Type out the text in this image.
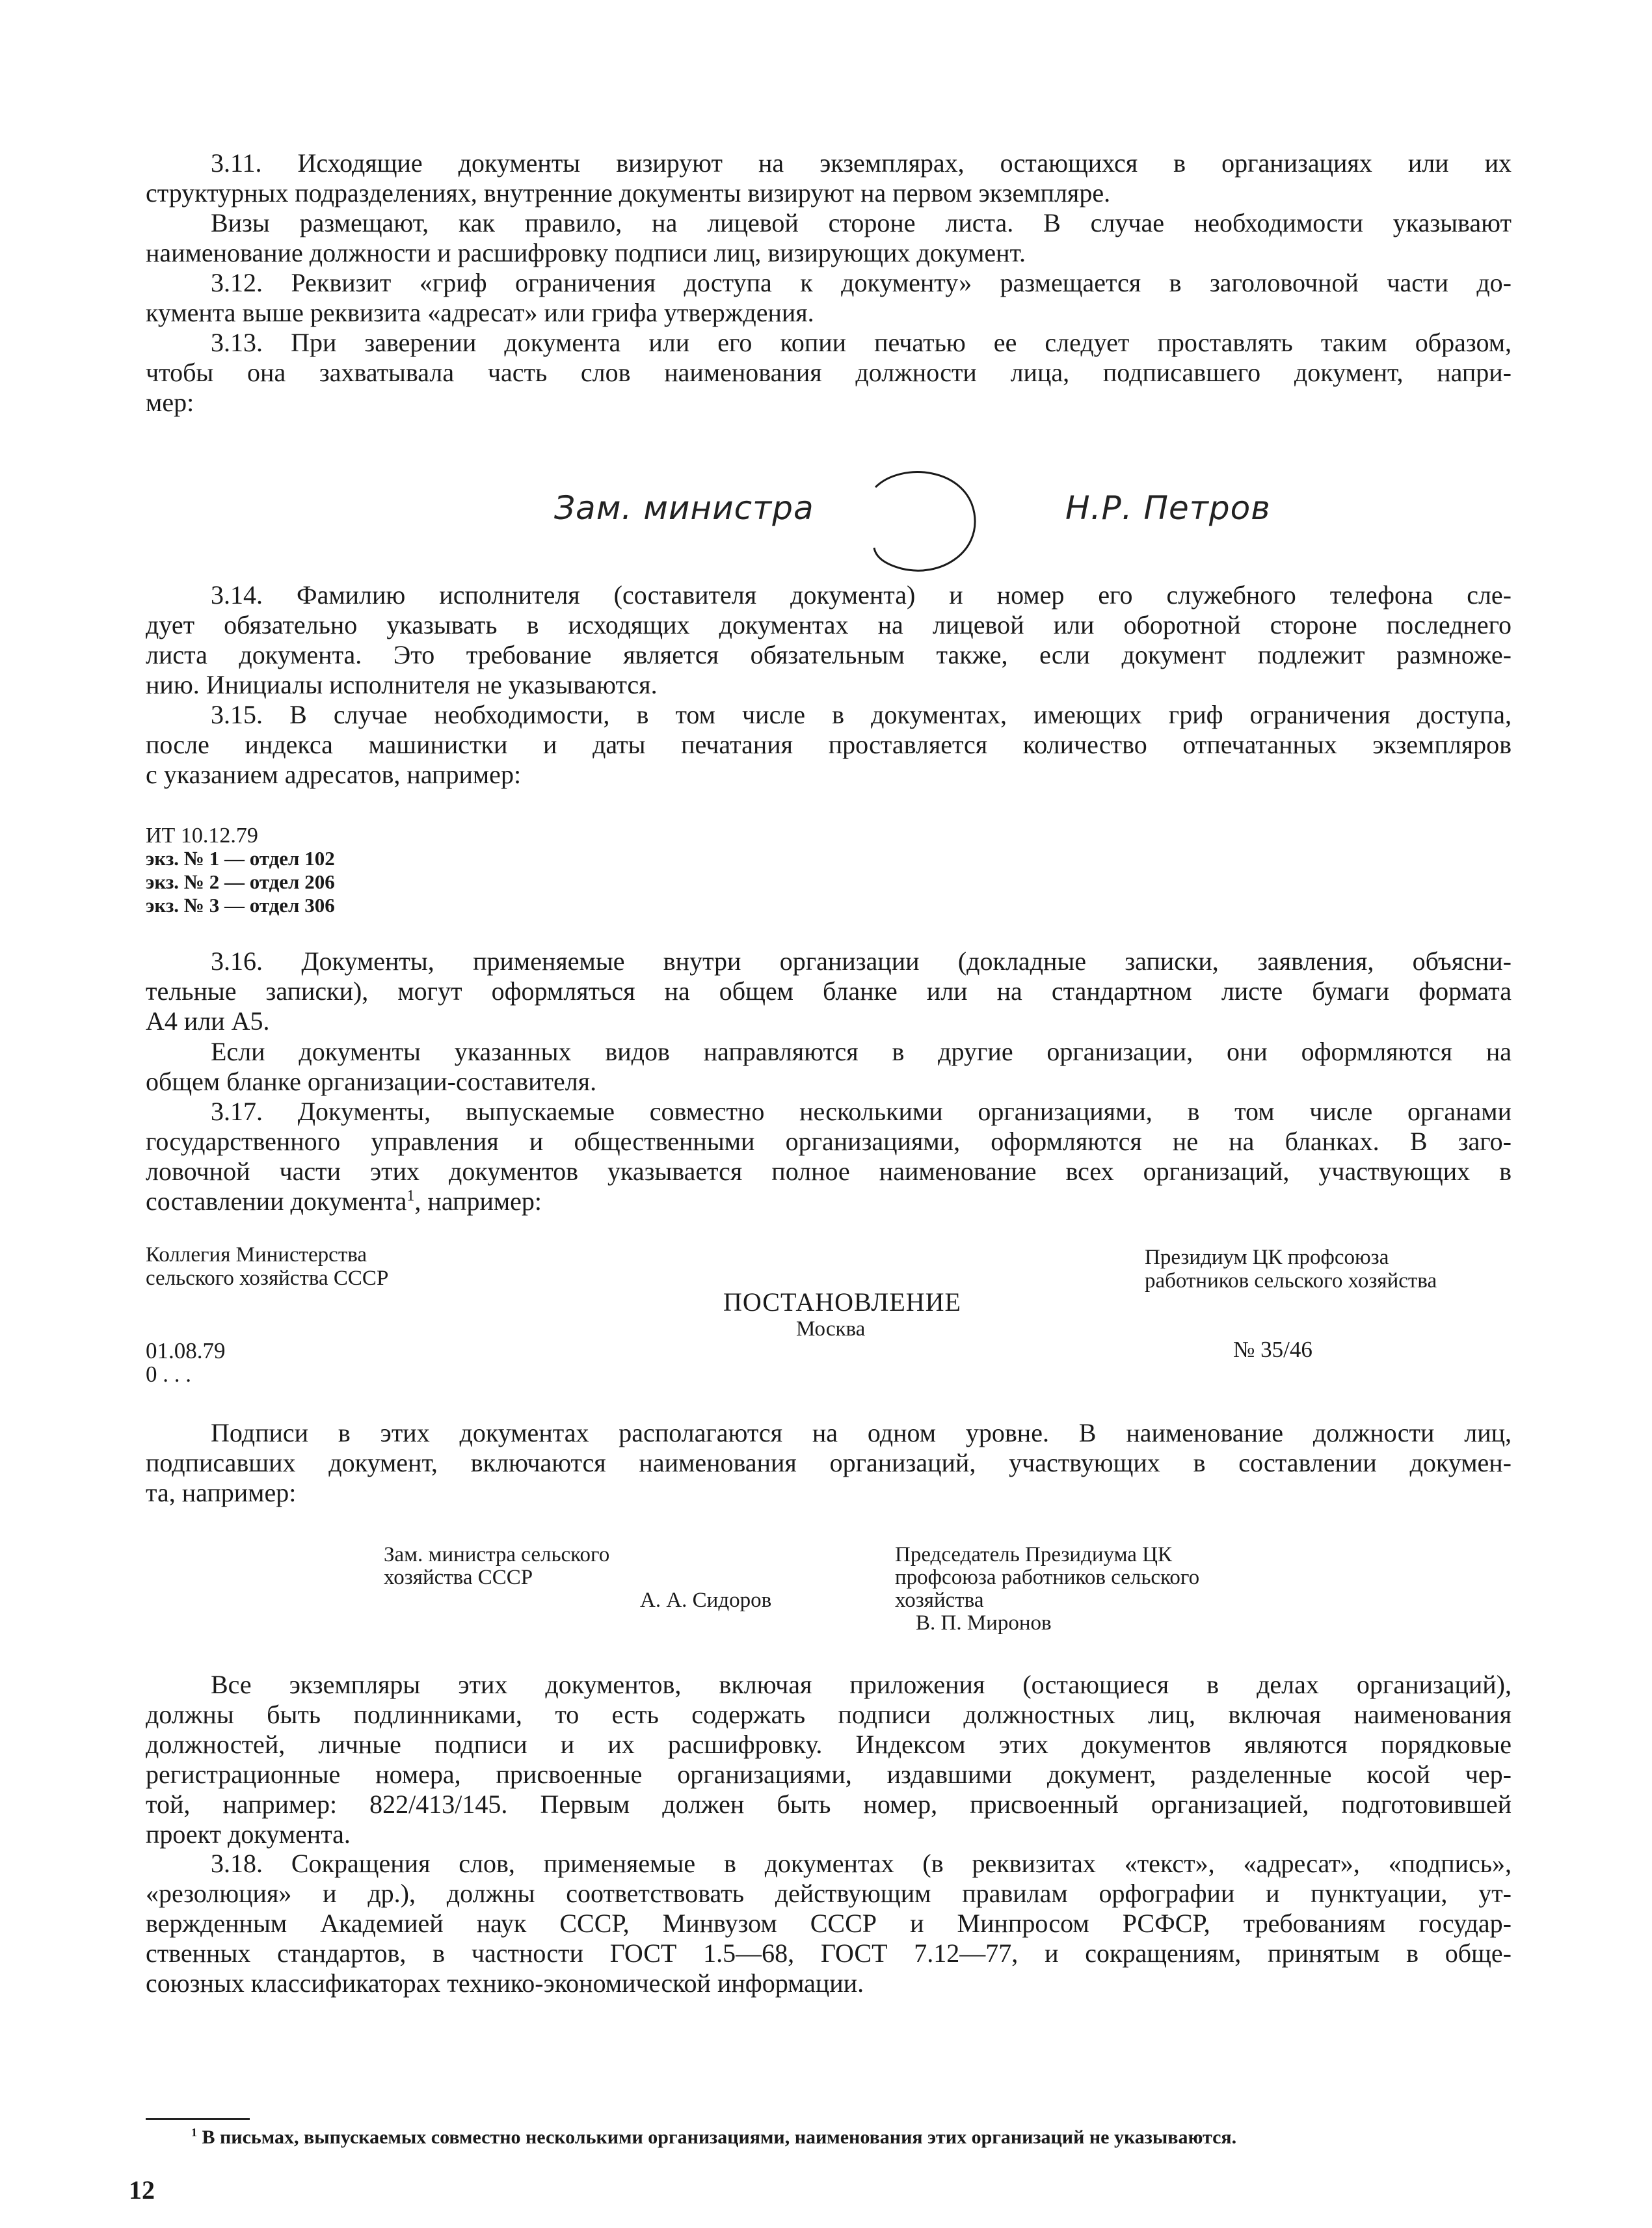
3.11. Исходящие документы визируют на экземплярах, остающихся в организациях или их
структурных подразделениях, внутренние документы визируют на первом экземпляре.
Визы размещают, как правило, на лицевой стороне листа. В случае необходимости указывают
наименование должности и расшифровку подписи лиц, визирующих документ.
3.12. Реквизит «гриф ограничения доступа к документу» размещается в заголовочной части до-
кумента выше реквизита «адресат» или грифа утверждения.
3.13. При заверении документа или его копии печатью ее следует проставлять таким образом,
чтобы она захватывала часть слов наименования должности лица, подписавшего документ, напри-
мер:
Зам. министра	Н.Р. Петров
3.14. Фамилию исполнителя (составителя документа) и номер его служебного телефона сле-
дует обязательно указывать в исходящих документах на лицевой или оборотной стороне последнего
листа документа. Это требование является обязательным также, если документ подлежит размноже-
нию. Инициалы исполнителя не указываются.
3.15. В случае необходимости, в том числе в документах, имеющих гриф ограничения доступа,
после индекса машинистки и даты печатания проставляется количество отпечатанных экземпляров
с указанием адресатов, например:
ИТ 10.12.79
экз. № 1 — отдел 102
экз. № 2 — отдел 206
экз. № 3 — отдел 306
3.16. Документы, применяемые внутри организации (докладные записки, заявления, объясни-
тельные записки), могут оформляться на общем бланке или на стандартном листе бумаги формата
А4 или А5.
Если документы указанных видов направляются в другие организации, они оформляются на
общем бланке организации-составителя.
3.17. Документы, выпускаемые совместно несколькими организациями, в том числе органами
государственного управления и общественными организациями, оформляются не на бланках. В заго-
ловочной части этих документов указывается полное наименование всех организаций, участвующих в
составлении документа$^1$, например:
Коллегия Министерства
сельского хозяйства СССР
Президиум ЦК профсоюза
работников сельского хозяйства
ПОСТАНОВЛЕНИЕ
Москва
01.08.79
0 . . .
№ 35/46
Подписи в этих документах располагаются на одном уровне. В наименование должности лиц,
подписавших документ, включаются наименования организаций, участвующих в составлении докумен-
та, например:
Зам. министра сельского
хозяйства СССР
А. А. Сидоров
Председатель Президиума ЦК
профсоюза работников сельского
хозяйства
В. П. Миронов
Все экземпляры этих документов, включая приложения (остающиеся в делах организаций),
должны быть подлинниками, то есть содержать подписи должностных лиц, включая наименования
должностей, личные подписи и их расшифровку. Индексом этих документов являются порядковые
регистрационные номера, присвоенные организациями, издавшими документ, разделенные косой чер-
той, например: 822/413/145. Первым должен быть номер, присвоенный организацией, подготовившей
проект документа.
3.18. Сокращения слов, применяемые в документах (в реквизитах «текст», «адресат», «подпись»,
«резолюция» и др.), должны соответствовать действующим правилам орфографии и пунктуации, ут-
вержденным Академией наук СССР, Минвузом СССР и Минпросом РСФСР, требованиям государ-
ственных стандартов, в частности ГОСТ 1.5—68, ГОСТ 7.12—77, и сокращениям, принятым в обще-
союзных классификаторах технико-экономической информации.
$^1$ В письмах, выпускаемых совместно несколькими организациями, наименования этих организаций не указываются.
12
